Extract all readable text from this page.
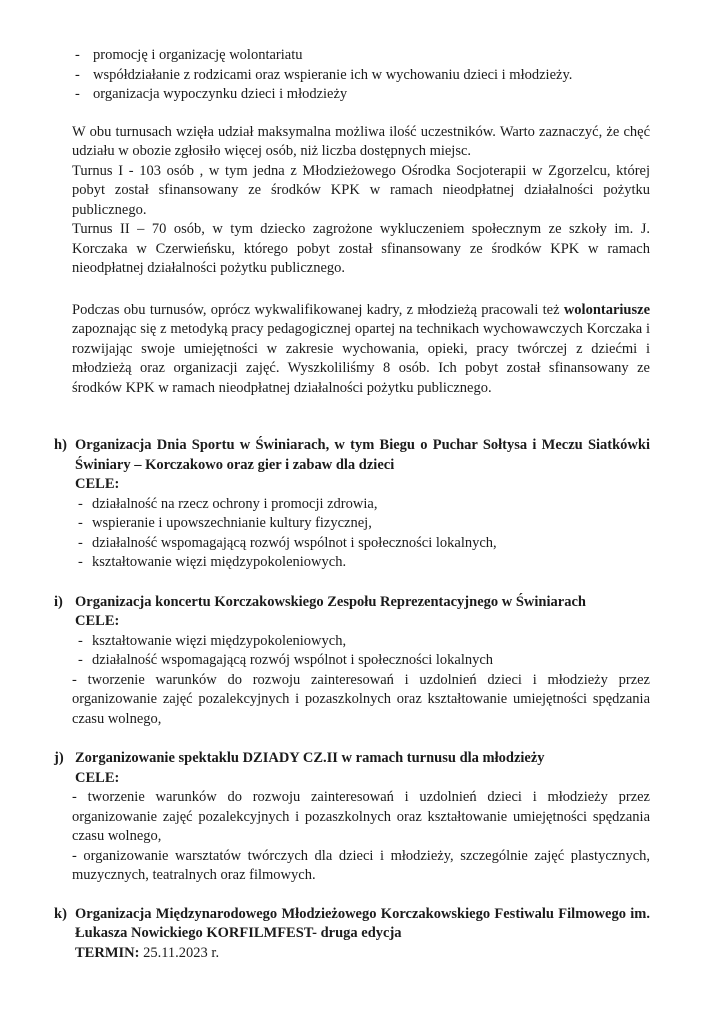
- promocję i organizację wolontariatu
- współdziałanie z rodzicami oraz wspieranie ich w wychowaniu dzieci i młodzieży.
- organizacja wypoczynku dzieci i młodzieży

W obu turnusach wzięła udział maksymalna możliwa ilość uczestników. Warto zaznaczyć, że chęć udziału w obozie zgłosiło więcej osób, niż liczba dostępnych miejsc.

Turnus I - 103 osób , w tym jedna z Młodzieżowego Ośrodka Socjoterapii w Zgorzelcu, której pobyt został sfinansowany ze środków KPK w ramach nieodpłatnej działalności pożytku publicznego.

Turnus II – 70 osób, w tym dziecko zagrożone wykluczeniem społecznym ze szkoły im. J. Korczaka w Czerwieńsku, którego pobyt został sfinansowany ze środków KPK w ramach nieodpłatnej działalności pożytku publicznego.

Podczas obu turnusów, oprócz wykwalifikowanej kadry, z młodzieżą pracowali też wolontariusze zapoznając się z metodyką pracy pedagogicznej opartej na technikach wychowawczych Korczaka i rozwijając swoje umiejętności w zakresie wychowania, opieki, pracy twórczej z dziećmi i młodzieżą oraz organizacji zajęć. Wyszkoliliśmy 8 osób. Ich pobyt został sfinansowany ze środków KPK w ramach nieodpłatnej działalności pożytku publicznego.

h) Organizacja Dnia Sportu w Świniarach, w tym Biegu o Puchar Sołtysa i Meczu Siatkówki Świniary – Korczakowo oraz gier i zabaw dla dzieci

CELE:

- działalność na rzecz ochrony i promocji zdrowia,
- wspieranie i upowszechnianie kultury fizycznej,
- działalność wspomagającą rozwój wspólnot i społeczności lokalnych,
- kształtowanie więzi międzypokoleniowych.
i) Organizacja koncertu Korczakowskiego Zespołu Reprezentacyjnego w Świniarach

CELE:

- kształtowanie więzi międzypokoleniowych,
- działalność wspomagającą rozwój wspólnot i społeczności lokalnych

- tworzenie warunków do rozwoju zainteresowań i uzdolnień dzieci i młodzieży przez organizowanie zajęć pozalekcyjnych i pozaszkolnych oraz kształtowanie umiejętności spędzania czasu wolnego,

j) Zorganizowanie spektaklu DZIADY CZ.II w ramach turnusu dla młodzieży

CELE:

- tworzenie warunków do rozwoju zainteresowań i uzdolnień dzieci i młodzieży przez organizowanie zajęć pozalekcyjnych i pozaszkolnych oraz kształtowanie umiejętności spędzania czasu wolnego,

- organizowanie warsztatów twórczych dla dzieci i młodzieży, szczególnie zajęć plastycznych, muzycznych, teatralnych oraz filmowych.

k) Organizacja Międzynarodowego Młodzieżowego Korczakowskiego Festiwalu Filmowego im. Łukasza Nowickiego KORFILMFEST- druga edycja

TERMIN: 25.11.2023 r.
